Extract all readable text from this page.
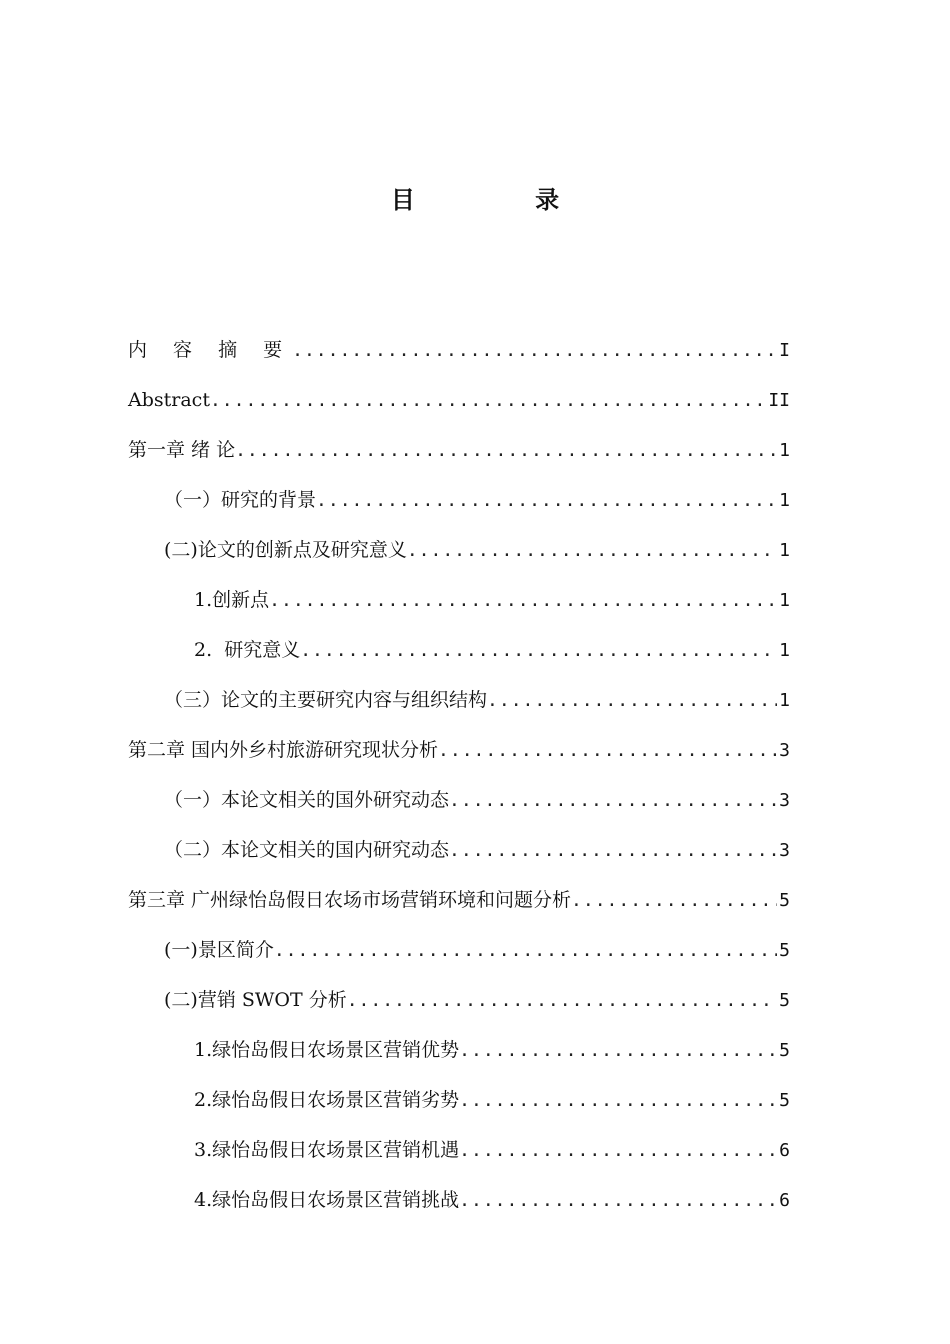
目 录
内 容 摘 要 .....	I
Abstract .....	II
第一章 绪 论 .....	1
（一）研究的背景 .....	1
(二)论文的创新点及研究意义 .....	1
1.创新点 .....	1
2.  研究意义 .....	1
（三）论文的主要研究内容与组织结构 .....	1
第二章 国内外乡村旅游研究现状分析 .....	3
（一）本论文相关的国外研究动态 .....	3
（二）本论文相关的国内研究动态 .....	3
第三章 广州绿怡岛假日农场市场营销环境和问题分析 .....	5
(一)景区简介 .....	5
(二)营销 SWOT 分析 .....	5
1.绿怡岛假日农场景区营销优势 .....	5
2.绿怡岛假日农场景区营销劣势 .....	5
3.绿怡岛假日农场景区营销机遇 .....	6
4.绿怡岛假日农场景区营销挑战 .....	6
